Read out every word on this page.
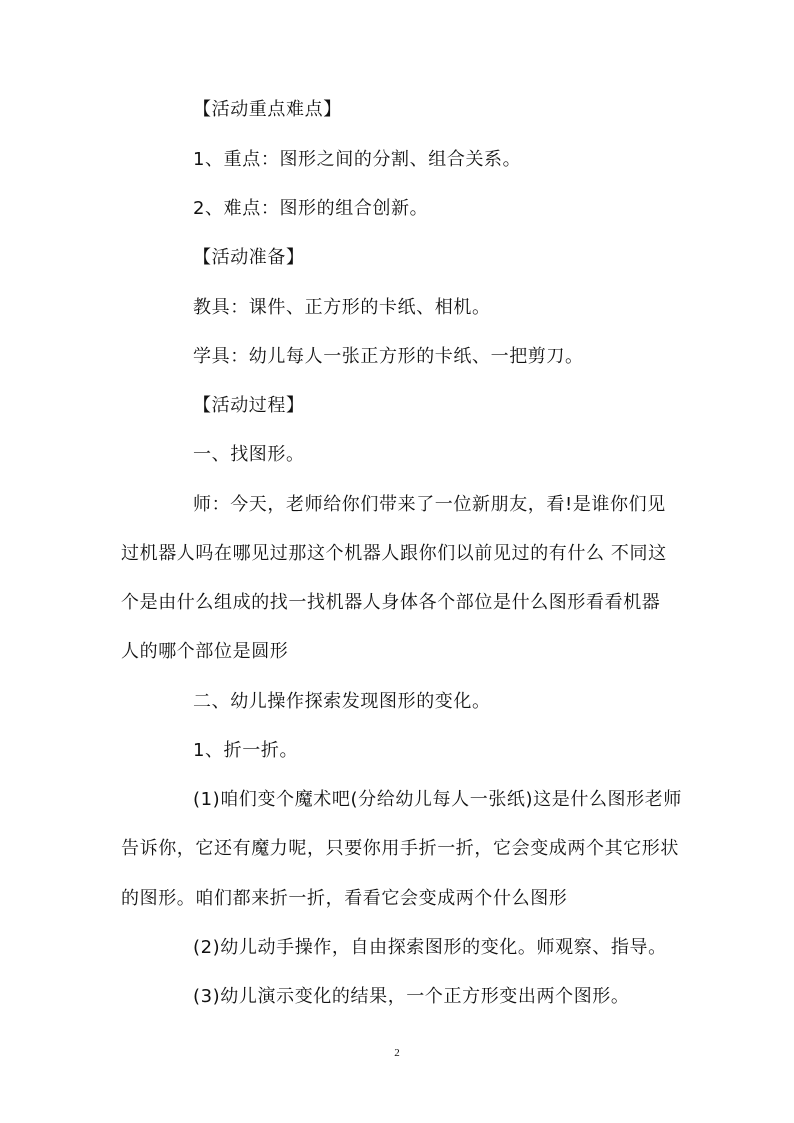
【活动重点难点】

1、重点：图形之间的分割、组合关系。

2、难点：图形的组合创新。

【活动准备】

教具：课件、正方形的卡纸、相机。

学具：幼儿每人一张正方形的卡纸、一把剪刀。

【活动过程】

一、找图形。

师：今天，老师给你们带来了一位新朋友，看!是谁你们见

过机器人吗在哪见过那这个机器人跟你们以前见过的有什么 不同这

个是由什么组成的找一找机器人身体各个部位是什么图形看看机器

人的哪个部位是圆形

二、幼儿操作探索发现图形的变化。

1、折一折。

(1)咱们变个魔术吧(分给幼儿每人一张纸)这是什么图形老师

告诉你，它还有魔力呢，只要你用手折一折，它会变成两个其它形状

的图形。咱们都来折一折，看看它会变成两个什么图形

(2)幼儿动手操作，自由探索图形的变化。师观察、指导。

(3)幼儿演示变化的结果，一个正方形变出两个图形。

2
